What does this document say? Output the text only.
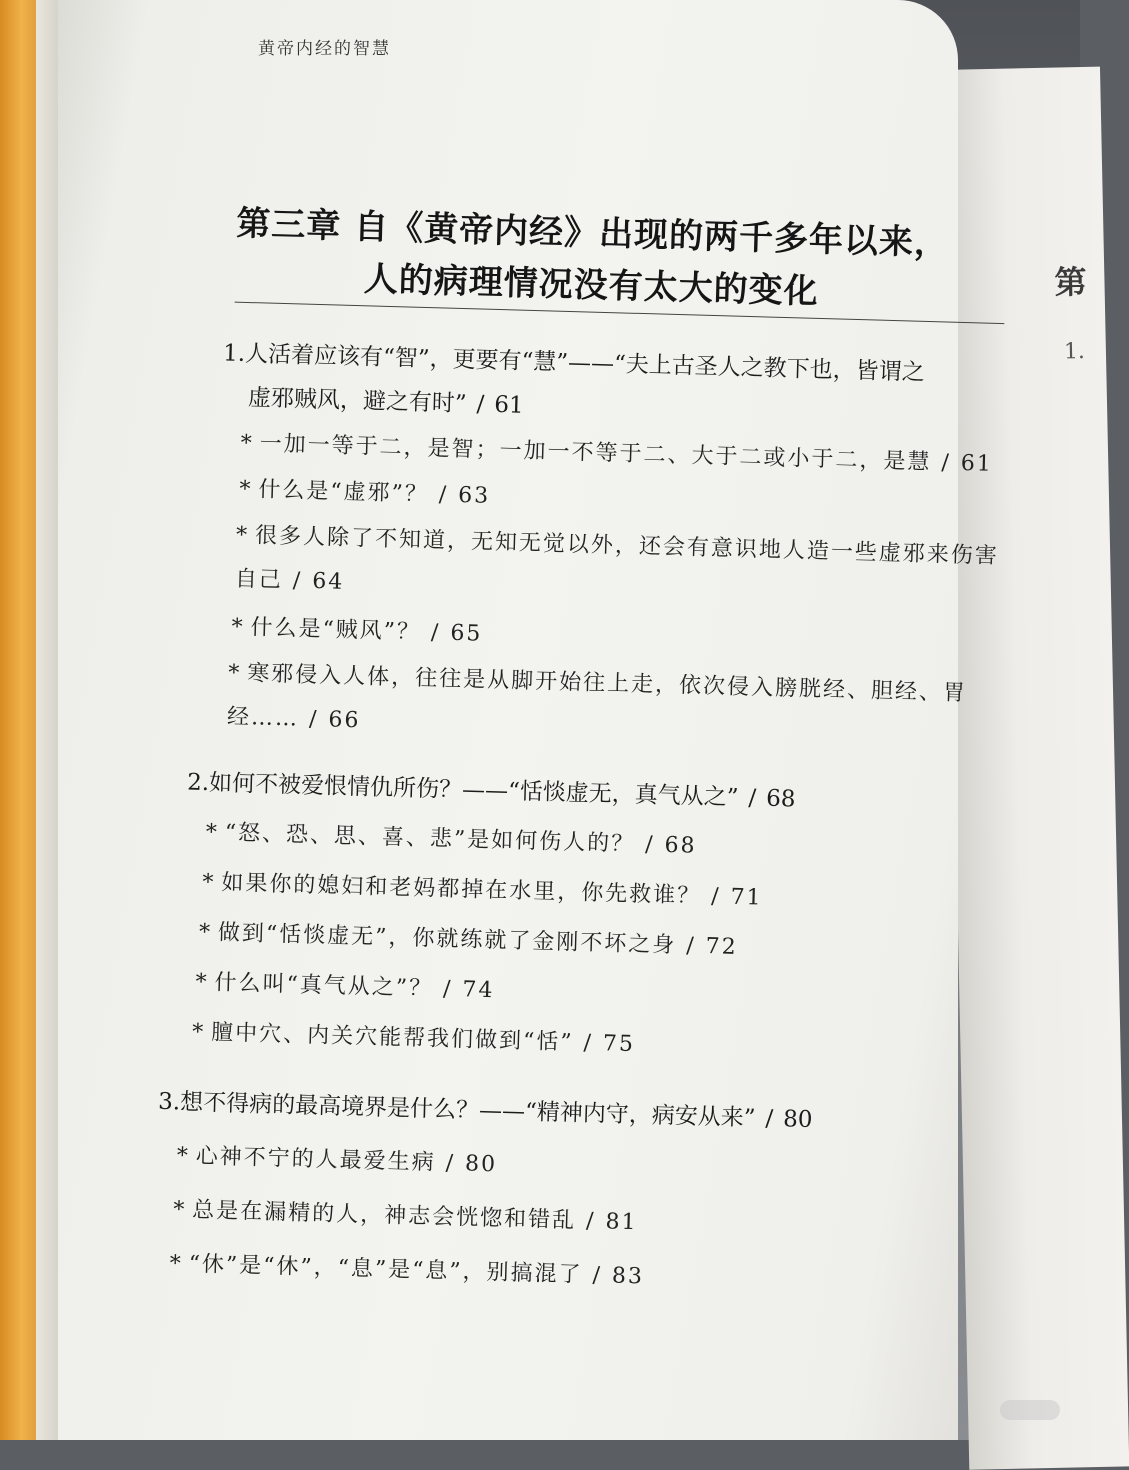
第
1.
黄帝内经的智慧
第三章 自《黄帝内经》出现的两千多年以来，
人的病理情况没有太大的变化
1.人活着应该有“智”，更要有“慧”——“夫上古圣人之教下也，皆谓之
虚邪贼风，避之有时” / 61
* 一加一等于二，是智；一加一不等于二、大于二或小于二，是慧 / 61
* 什么是“虚邪”？ / 63
* 很多人除了不知道，无知无觉以外，还会有意识地人造一些虚邪来伤害
自己 / 64
* 什么是“贼风”？ / 65
* 寒邪侵入人体，往往是从脚开始往上走，依次侵入膀胱经、胆经、胃
经…… / 66
2.如何不被爱恨情仇所伤？——“恬惔虚无，真气从之” / 68
* “怒、恐、思、喜、悲”是如何伤人的？ / 68
* 如果你的媳妇和老妈都掉在水里，你先救谁？ / 71
* 做到“恬惔虚无”，你就练就了金刚不坏之身 / 72
* 什么叫“真气从之”？ / 74
* 膻中穴、内关穴能帮我们做到“恬” / 75
3.想不得病的最高境界是什么？——“精神内守，病安从来” / 80
* 心神不宁的人最爱生病 / 80
* 总是在漏精的人，神志会恍惚和错乱 / 81
* “休”是“休”，“息”是“息”，别搞混了 / 83
